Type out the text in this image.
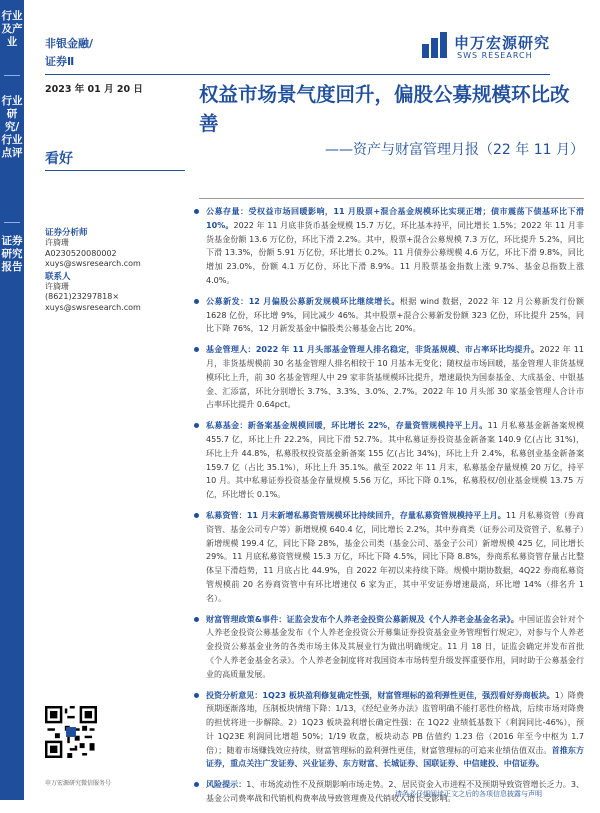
行业及产业
行业研究/行业点评
证券研究报告
非银金融/
证券Ⅱ
申万宏源研究
SWS RESEARCH
2023 年 01 月 20 日
看好
权益市场景气度回升，偏股公募规模环比改善
——资产与财富管理月报（22 年 11 月）
证券分析师
许旖珊
A0230520080002
xuys@swsresearch.com
联系人
许旖珊
(8621)23297818×
xuys@swsresearch.com
申万宏源研究微信服务号
公募存量：受权益市场回暖影响，11 月股票+混合基金规模环比实现正增；债市震荡下债基环比下滑 10%。2022 年 11 月底非货币基金规模 15.7 万亿，环比基本持平，同比增长 1.5%；2022 年 11 月非货基金份额 13.6 万亿份，环比下滑 2.2%。其中，股票+混合公募规模 7.3 万亿，环比提升 5.2%，同比下滑 13.3%，份额 5.91 万亿份，环比增长 0.2%。11 月债券公募规模 4.6 万亿，环比下滑 9.8%，同比增加 23.0%，份额 4.1 万亿份，环比下滑 8.9%。11 月股票基金指数上涨 9.7%、基金总指数上涨 4.0%。
公募新发：12 月偏股公募新发规模环比继续增长。根据 wind 数据，2022 年 12 月公募新发行份额 1628 亿份，环比增 9%，同比减少 46%。其中股票+混合公募新发份额 323 亿份，环比提升 25%，同比下降 76%，12 月新发基金中偏股类公募基金占比 20%。
基金管理人：2022 年 11 月头部基金管理人排名稳定，非货基规模、市占率环比均提升。2022 年 11 月，非货基规模前 30 名基金管理人排名相较于 10 月基本无变化；随权益市场回暖，基金管理人非货基规模环比上升，前 30 名基金管理人中 29 家非货基规模环比提升，增速最快为国泰基金、大成基金、中银基金、汇添富，环比分别增长 3.7%、3.3%、3.0%、2.7%。2022 年 10 月头部 30 家基金管理人合计市占率环比提升 0.64pct。
私募基金：新备案基金规模回暖，环比增长 22%，存量资管规模持平上月。11 月私募基金新备案规模 455.7 亿，环比上升 22.2%，同比下滑 52.7%。其中私募证券投资基金新备案 140.9 亿(占比 31%)，环比上升 44.8%，私募股权投资基金新备案 155 亿(占比 34%)，环比上升 2.4%，私募创业基金新备案 159.7 亿（占比 35.1%），环比上升 35.1%。截至 2022 年 11 月末，私募基金存量规模 20 万亿，持平 10 月。其中私募证券投资基金存量规模 5.56 万亿，环比下降 0.1%，私募股权/创业基金规模 13.75 万亿，环比增长 0.1%。
私募资管：11 月末新增私募资管规模环比持续回升，存量私募资管规模持平上月。11 月私募资管（券商资管、基金公司专户等）新增规模 640.4 亿，同比增长 2.2%，其中券商类（证券公司及资管子、私募子）新增规模 199.4 亿，同比下降 28%，基金公司类（基金公司、基金子公司）新增规模 425 亿，同比增长 29%。11 月底私募资管规模 15.3 万亿，环比下降 4.5%，同比下降 8.8%，券商系私募资管存量占比整体呈下滑趋势，11 月底占比 44.9%，自 2022 年初以来持续下降。规模中期协数据，4Q22 券商私募资管规模前 20 名券商资管中有环比增速仅 6 家为正，其中平安证券增速最高，环比增 14%（排名升 1 名）。
财富管理政策&事件：证监会发布个人养老金投资公募新规及《个人养老金基金名录》。中国证监会针对个人养老金投资公募基金发布《个人养老金投资公开募集证券投资基金业务管理暂行规定》，对参与个人养老金投资公募基金业务的各类市场主体及其展业行为做出明确规定。11 月 18 日，证监会确定并发布首批《个人养老金基金名录》。个人养老金制度将对我国资本市场转型升级发挥重要作用，同时助于公募基金行业的高质量发展。
投资分析意见：1Q23 板块盈利修复确定性强，财富管理标的盈利弹性更佳，强烈看好券商板块。1）降费预期逐渐落地，压制板块情绪下降：1/13，《经纪业务办法》监管明确不能打恶性价格战，后续市场对降费的担忧将进一步解除。2）1Q23 板块盈利增长确定性强：在 1Q22 业绩低基数下（利润同比-46%），预计 1Q23E 利润同比增超 50%；1/19 收盘，板块动态 PB 估值约 1.23 倍（2016 年至今中枢为 1.7 倍）；随着市场赚钱效应持续，财富管理标的盈利弹性更佳，财富管理标的可追来业绩估值双击。首推东方证券，重点关注广发证券、兴业证券、东方财富、长城证券、国联证券、中信建投、中信证券。
风险提示：1、市场流动性不及预期影响市场走势。2、居民资金入市进程不及预期导致资管增长乏力。3、基金公司费率战和代销机构费率战导致管理费及代销收入增长受影响。
请务必仔细阅读正文之后的各项信息披露与声明
